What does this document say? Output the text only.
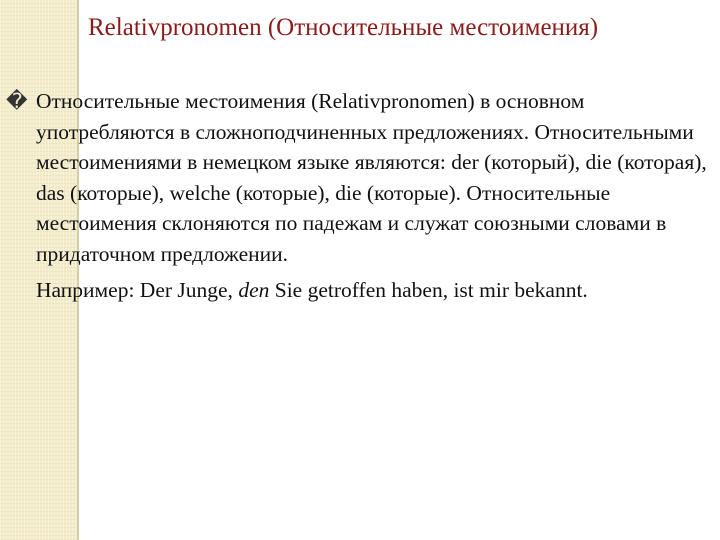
Relativpronomen (Относительные местоимения)

� Относительные местоимения (Relativpronomen) в основном употребляются в сложноподчиненных предложениях. Относительными местоимениями в немецком языке являются: der (который), die (которая), das (которые), welche (которые), die (которые). Относительные местоимения склоняются по падежам и служат союзными словами в придаточном предложении.

Например: Der Junge, den Sie getroffen haben, ist mir bekannt.
